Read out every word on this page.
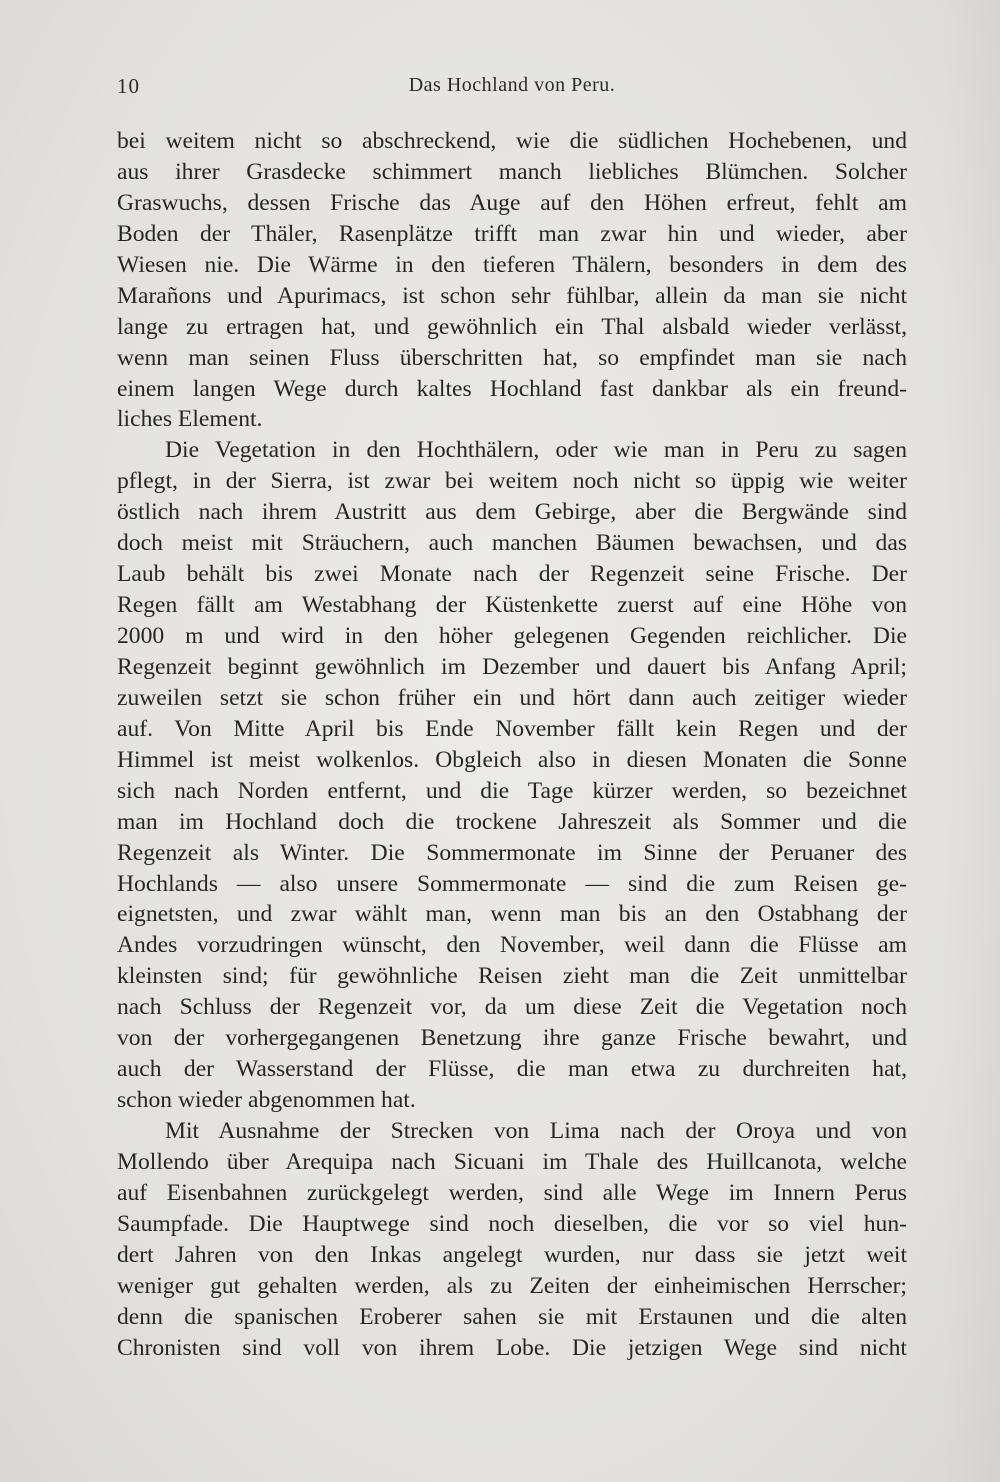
10	Das Hochland von Peru.
bei weitem nicht so abschreckend, wie die südlichen Hochebenen, und
aus ihrer Grasdecke schimmert manch liebliches Blümchen. Solcher
Graswuchs, dessen Frische das Auge auf den Höhen erfreut, fehlt am
Boden der Thäler, Rasenplätze trifft man zwar hin und wieder, aber
Wiesen nie. Die Wärme in den tieferen Thälern, besonders in dem des
Marañons und Apurimacs, ist schon sehr fühlbar, allein da man sie nicht
lange zu ertragen hat, und gewöhnlich ein Thal alsbald wieder verlässt,
wenn man seinen Fluss überschritten hat, so empfindet man sie nach
einem langen Wege durch kaltes Hochland fast dankbar als ein freund-
liches Element.
Die Vegetation in den Hochthälern, oder wie man in Peru zu sagen
pflegt, in der Sierra, ist zwar bei weitem noch nicht so üppig wie weiter
östlich nach ihrem Austritt aus dem Gebirge, aber die Bergwände sind
doch meist mit Sträuchern, auch manchen Bäumen bewachsen, und das
Laub behält bis zwei Monate nach der Regenzeit seine Frische. Der
Regen fällt am Westabhang der Küstenkette zuerst auf eine Höhe von
2000 m und wird in den höher gelegenen Gegenden reichlicher. Die
Regenzeit beginnt gewöhnlich im Dezember und dauert bis Anfang April;
zuweilen setzt sie schon früher ein und hört dann auch zeitiger wieder
auf. Von Mitte April bis Ende November fällt kein Regen und der
Himmel ist meist wolkenlos. Obgleich also in diesen Monaten die Sonne
sich nach Norden entfernt, und die Tage kürzer werden, so bezeichnet
man im Hochland doch die trockene Jahreszeit als Sommer und die
Regenzeit als Winter. Die Sommermonate im Sinne der Peruaner des
Hochlands — also unsere Sommermonate — sind die zum Reisen ge-
eignetsten, und zwar wählt man, wenn man bis an den Ostabhang der
Andes vorzudringen wünscht, den November, weil dann die Flüsse am
kleinsten sind; für gewöhnliche Reisen zieht man die Zeit unmittelbar
nach Schluss der Regenzeit vor, da um diese Zeit die Vegetation noch
von der vorhergegangenen Benetzung ihre ganze Frische bewahrt, und
auch der Wasserstand der Flüsse, die man etwa zu durchreiten hat,
schon wieder abgenommen hat.
Mit Ausnahme der Strecken von Lima nach der Oroya und von
Mollendo über Arequipa nach Sicuani im Thale des Huillcanota, welche
auf Eisenbahnen zurückgelegt werden, sind alle Wege im Innern Perus
Saumpfade. Die Hauptwege sind noch dieselben, die vor so viel hun-
dert Jahren von den Inkas angelegt wurden, nur dass sie jetzt weit
weniger gut gehalten werden, als zu Zeiten der einheimischen Herrscher;
denn die spanischen Eroberer sahen sie mit Erstaunen und die alten
Chronisten sind voll von ihrem Lobe. Die jetzigen Wege sind nicht
